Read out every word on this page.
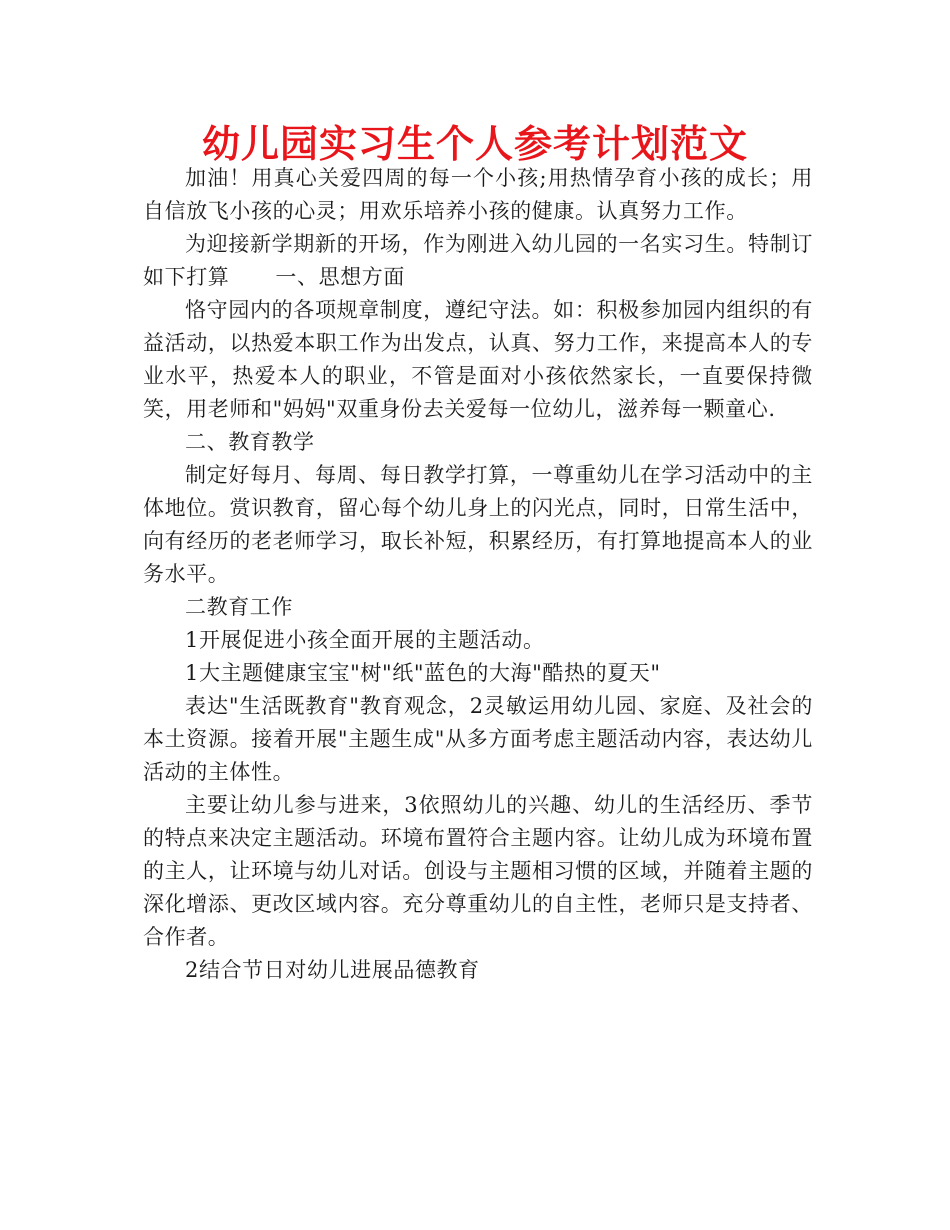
幼儿园实习生个人参考计划范文

加油！用真心关爱四周的每一个小孩;用热情孕育小孩的成长；用自信放飞小孩的心灵；用欢乐培养小孩的健康。认真努力工作。

为迎接新学期新的开场，作为刚进入幼儿园的一名实习生。特制订如下打算 一、思想方面

恪守园内的各项规章制度，遵纪守法。如：积极参加园内组织的有益活动，以热爱本职工作为出发点，认真、努力工作，来提高本人的专业水平，热爱本人的职业，不管是面对小孩依然家长，一直要保持微笑，用老师和"妈妈"双重身份去关爱每一位幼儿，滋养每一颗童心.

二、教育教学

制定好每月、每周、每日教学打算，一尊重幼儿在学习活动中的主体地位。赏识教育，留心每个幼儿身上的闪光点，同时，日常生活中，向有经历的老老师学习，取长补短，积累经历，有打算地提高本人的业务水平。

二教育工作

1开展促进小孩全面开展的主题活动。

1大主题健康宝宝"树"纸"蓝色的大海"酷热的夏天"

表达"生活既教育"教育观念，2灵敏运用幼儿园、家庭、及社会的本土资源。接着开展"主题生成"从多方面考虑主题活动内容，表达幼儿活动的主体性。

主要让幼儿参与进来，3依照幼儿的兴趣、幼儿的生活经历、季节的特点来决定主题活动。环境布置符合主题内容。让幼儿成为环境布置的主人，让环境与幼儿对话。创设与主题相习惯的区域，并随着主题的深化增添、更改区域内容。充分尊重幼儿的自主性，老师只是支持者、合作者。

2结合节日对幼儿进展品德教育
